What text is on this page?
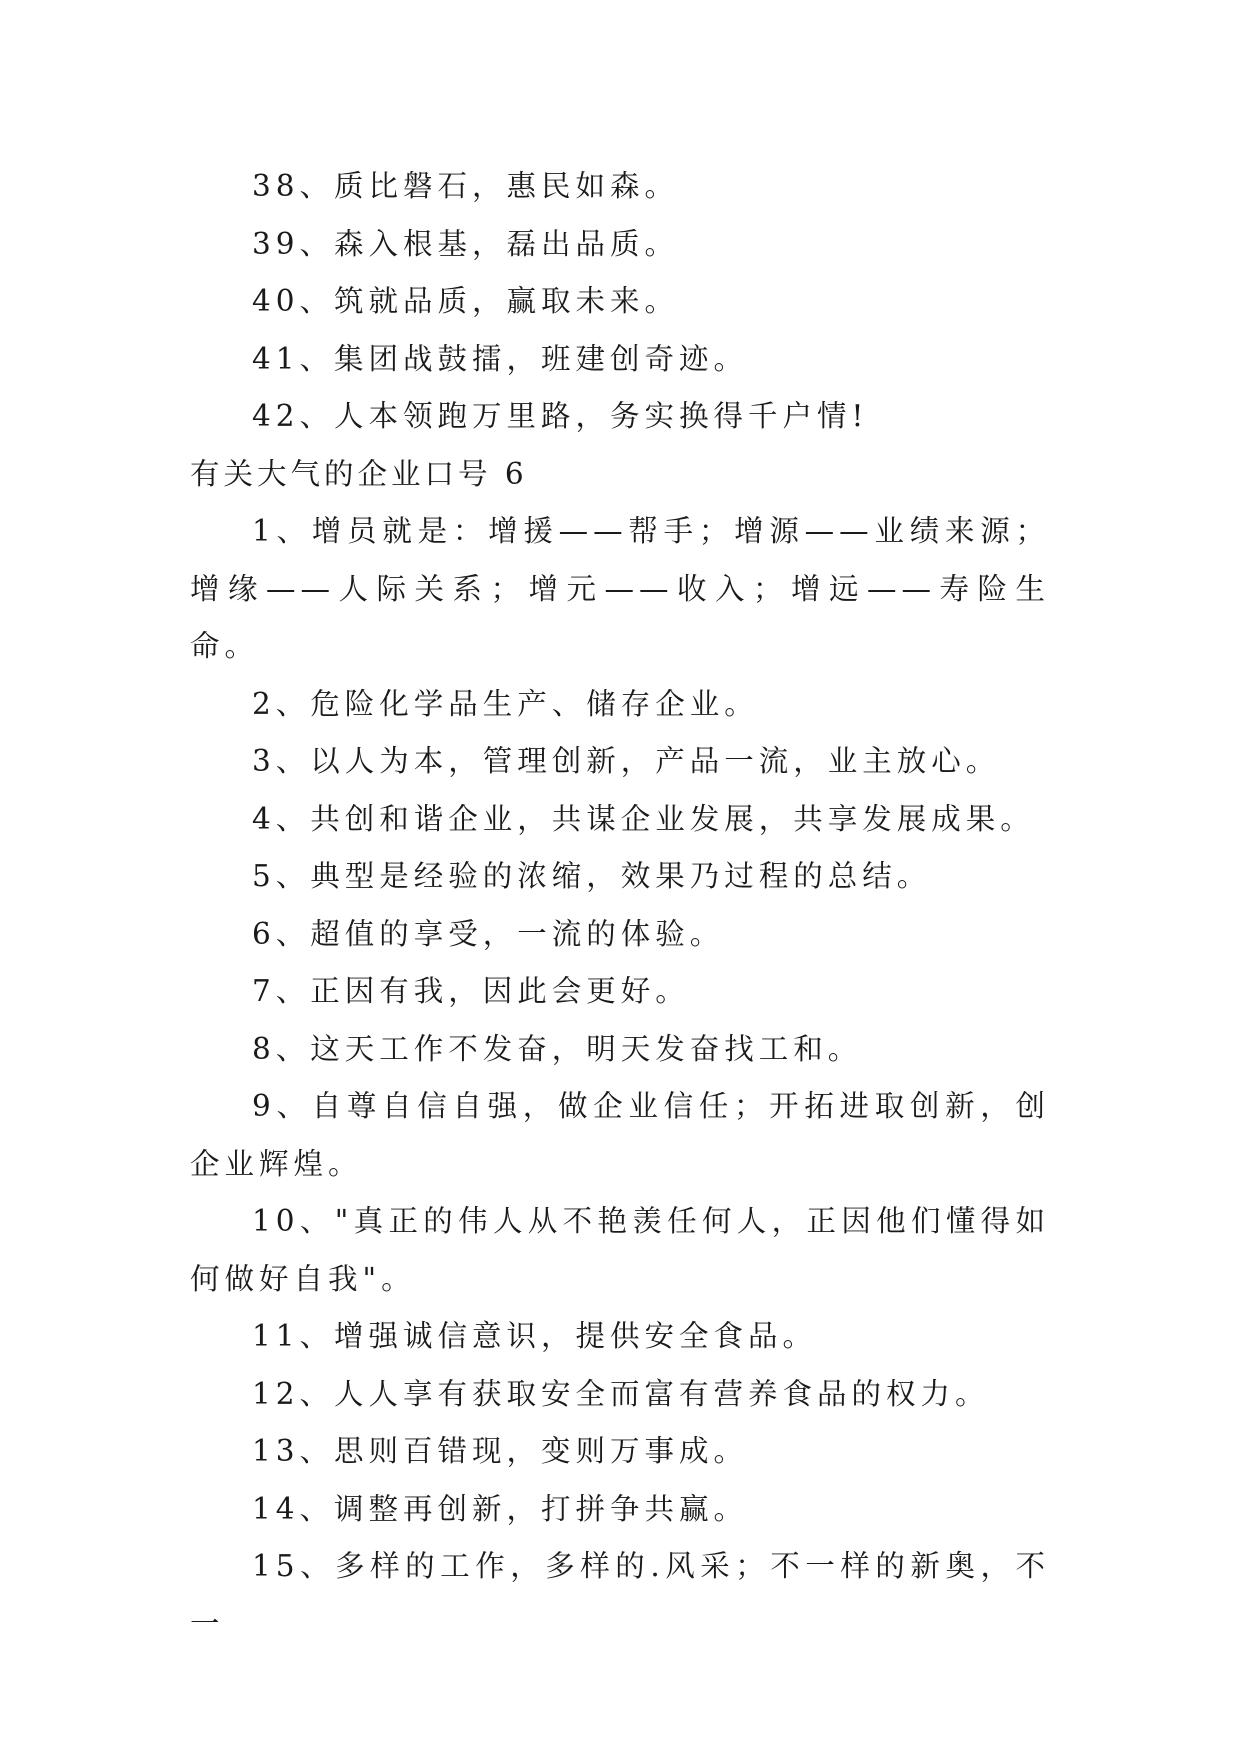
38、质比磐石，惠民如森。

39、森入根基，磊出品质。

40、筑就品质，赢取未来。

41、集团战鼓擂，班建创奇迹。

42、人本领跑万里路，务实换得千户情!

有关大气的企业口号 6

1、增员就是：增援——帮手；增源——业绩来源；增缘——人际关系；增元——收入；增远——寿险生命。

2、危险化学品生产、储存企业。

3、以人为本，管理创新，产品一流，业主放心。

4、共创和谐企业，共谋企业发展，共享发展成果。

5、典型是经验的浓缩，效果乃过程的总结。

6、超值的享受，一流的体验。

7、正因有我，因此会更好。

8、这天工作不发奋，明天发奋找工和。

9、自尊自信自强，做企业信任；开拓进取创新，创企业辉煌。

10、"真正的伟人从不艳羡任何人，正因他们懂得如何做好自我"。

11、增强诚信意识，提供安全食品。

12、人人享有获取安全而富有营养食品的权力。

13、思则百错现，变则万事成。

14、调整再创新，打拼争共赢。

15、多样的工作，多样的.风采；不一样的新奥，不一
